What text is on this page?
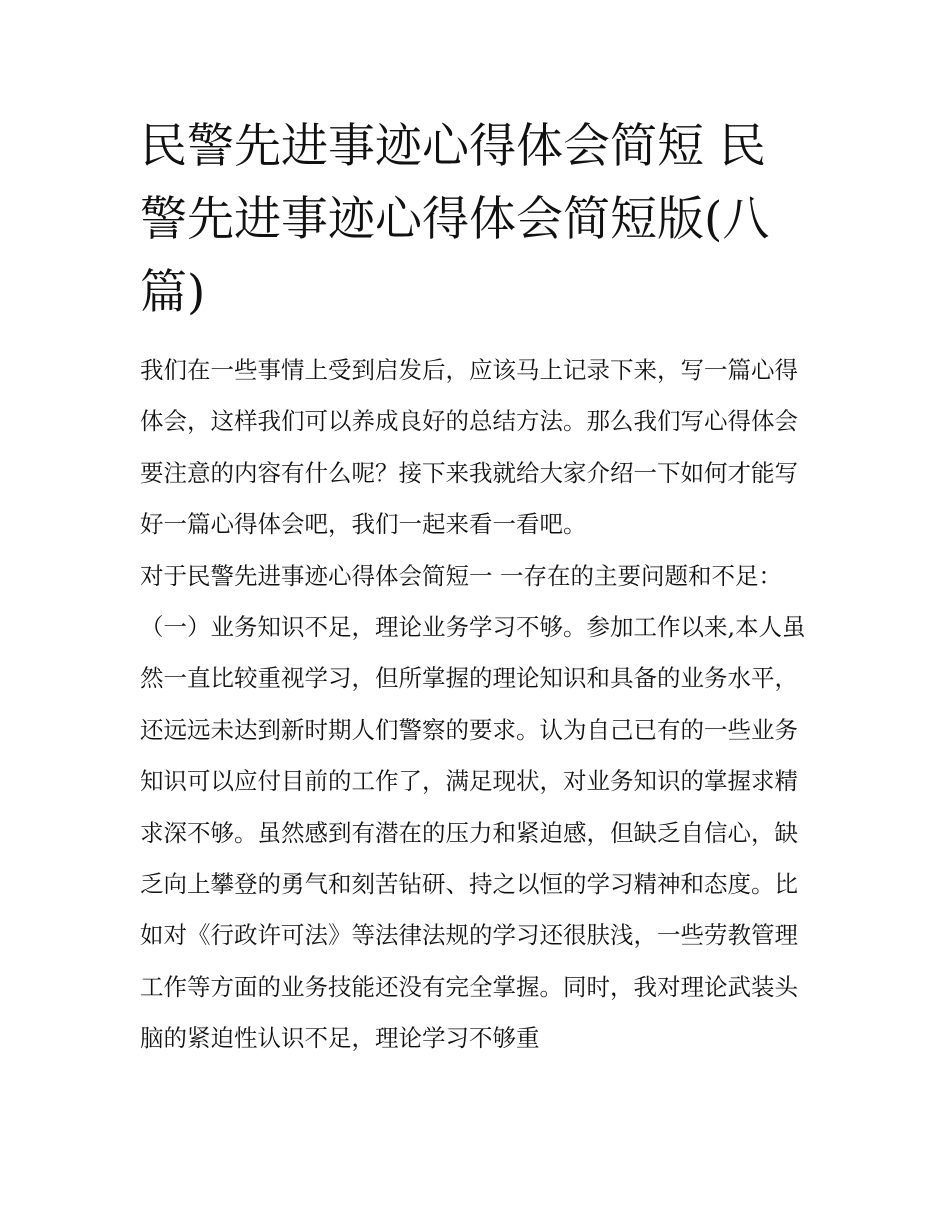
民警先进事迹心得体会简短 民警先进事迹心得体会简短版(八篇)

我们在一些事情上受到启发后，应该马上记录下来，写一篇心得体会，这样我们可以养成良好的总结方法。那么我们写心得体会要注意的内容有什么呢？接下来我就给大家介绍一下如何才能写好一篇心得体会吧，我们一起来看一看吧。

对于民警先进事迹心得体会简短一 一存在的主要问题和不足：

（一）业务知识不足，理论业务学习不够。参加工作以来,本人虽然一直比较重视学习，但所掌握的理论知识和具备的业务水平，还远远未达到新时期人们警察的要求。认为自己已有的一些业务知识可以应付目前的工作了，满足现状，对业务知识的掌握求精求深不够。虽然感到有潜在的压力和紧迫感，但缺乏自信心，缺乏向上攀登的勇气和刻苦钻研、持之以恒的学习精神和态度。比如对《行政许可法》等法律法规的学习还很肤浅，一些劳教管理工作等方面的业务技能还没有完全掌握。同时，我对理论武装头脑的紧迫性认识不足，理论学习不够重
